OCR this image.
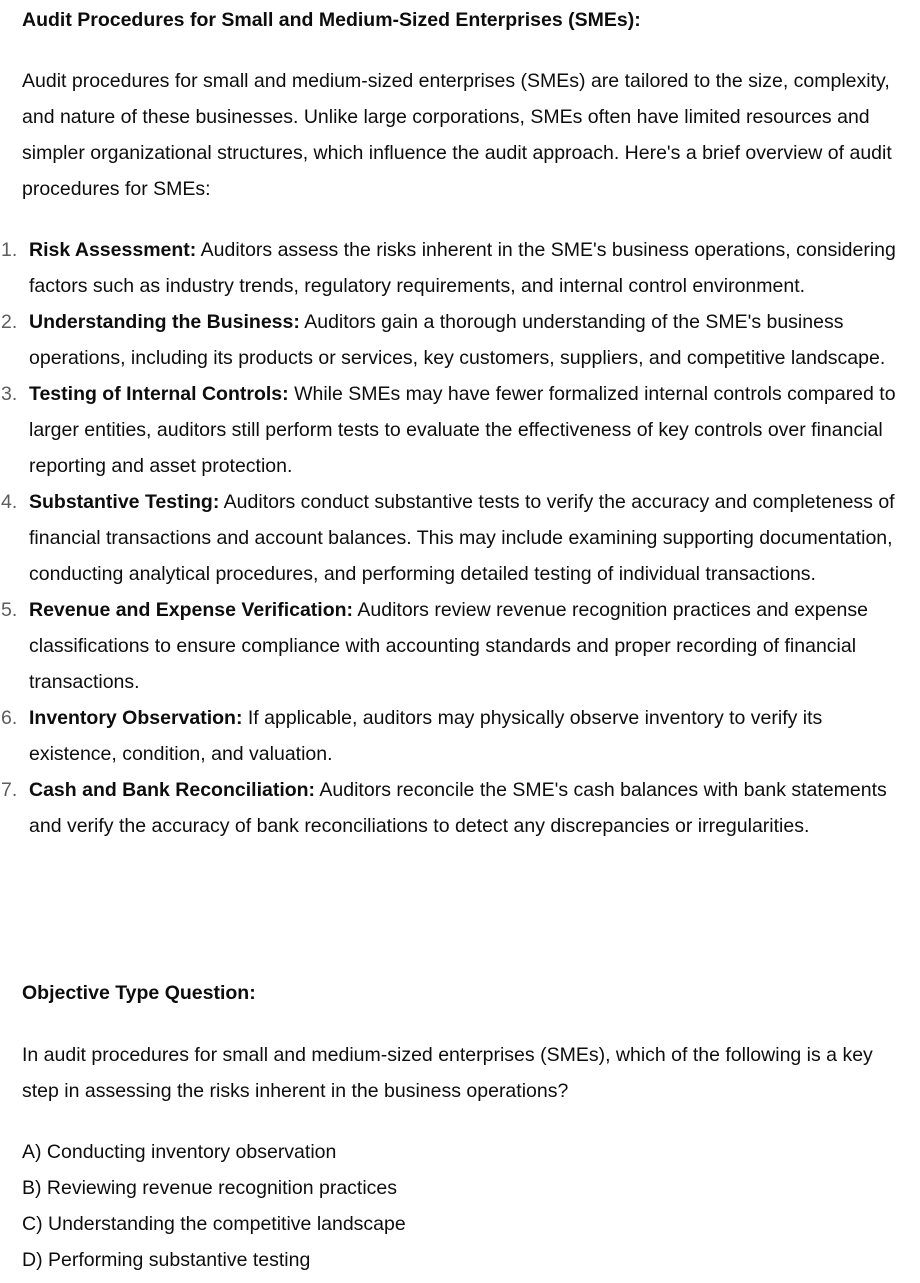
Audit Procedures for Small and Medium-Sized Enterprises (SMEs):

Audit procedures for small and medium-sized enterprises (SMEs) are tailored to the size, complexity, and nature of these businesses. Unlike large corporations, SMEs often have limited resources and simpler organizational structures, which influence the audit approach. Here's a brief overview of audit procedures for SMEs:

1. Risk Assessment: Auditors assess the risks inherent in the SME's business operations, considering factors such as industry trends, regulatory requirements, and internal control environment.
2. Understanding the Business: Auditors gain a thorough understanding of the SME's business operations, including its products or services, key customers, suppliers, and competitive landscape.
3. Testing of Internal Controls: While SMEs may have fewer formalized internal controls compared to larger entities, auditors still perform tests to evaluate the effectiveness of key controls over financial reporting and asset protection.
4. Substantive Testing: Auditors conduct substantive tests to verify the accuracy and completeness of financial transactions and account balances. This may include examining supporting documentation, conducting analytical procedures, and performing detailed testing of individual transactions.
5. Revenue and Expense Verification: Auditors review revenue recognition practices and expense classifications to ensure compliance with accounting standards and proper recording of financial transactions.
6. Inventory Observation: If applicable, auditors may physically observe inventory to verify its existence, condition, and valuation.
7. Cash and Bank Reconciliation: Auditors reconcile the SME's cash balances with bank statements and verify the accuracy of bank reconciliations to detect any discrepancies or irregularities.

Objective Type Question:

In audit procedures for small and medium-sized enterprises (SMEs), which of the following is a key step in assessing the risks inherent in the business operations?

A) Conducting inventory observation
B) Reviewing revenue recognition practices
C) Understanding the competitive landscape
D) Performing substantive testing
